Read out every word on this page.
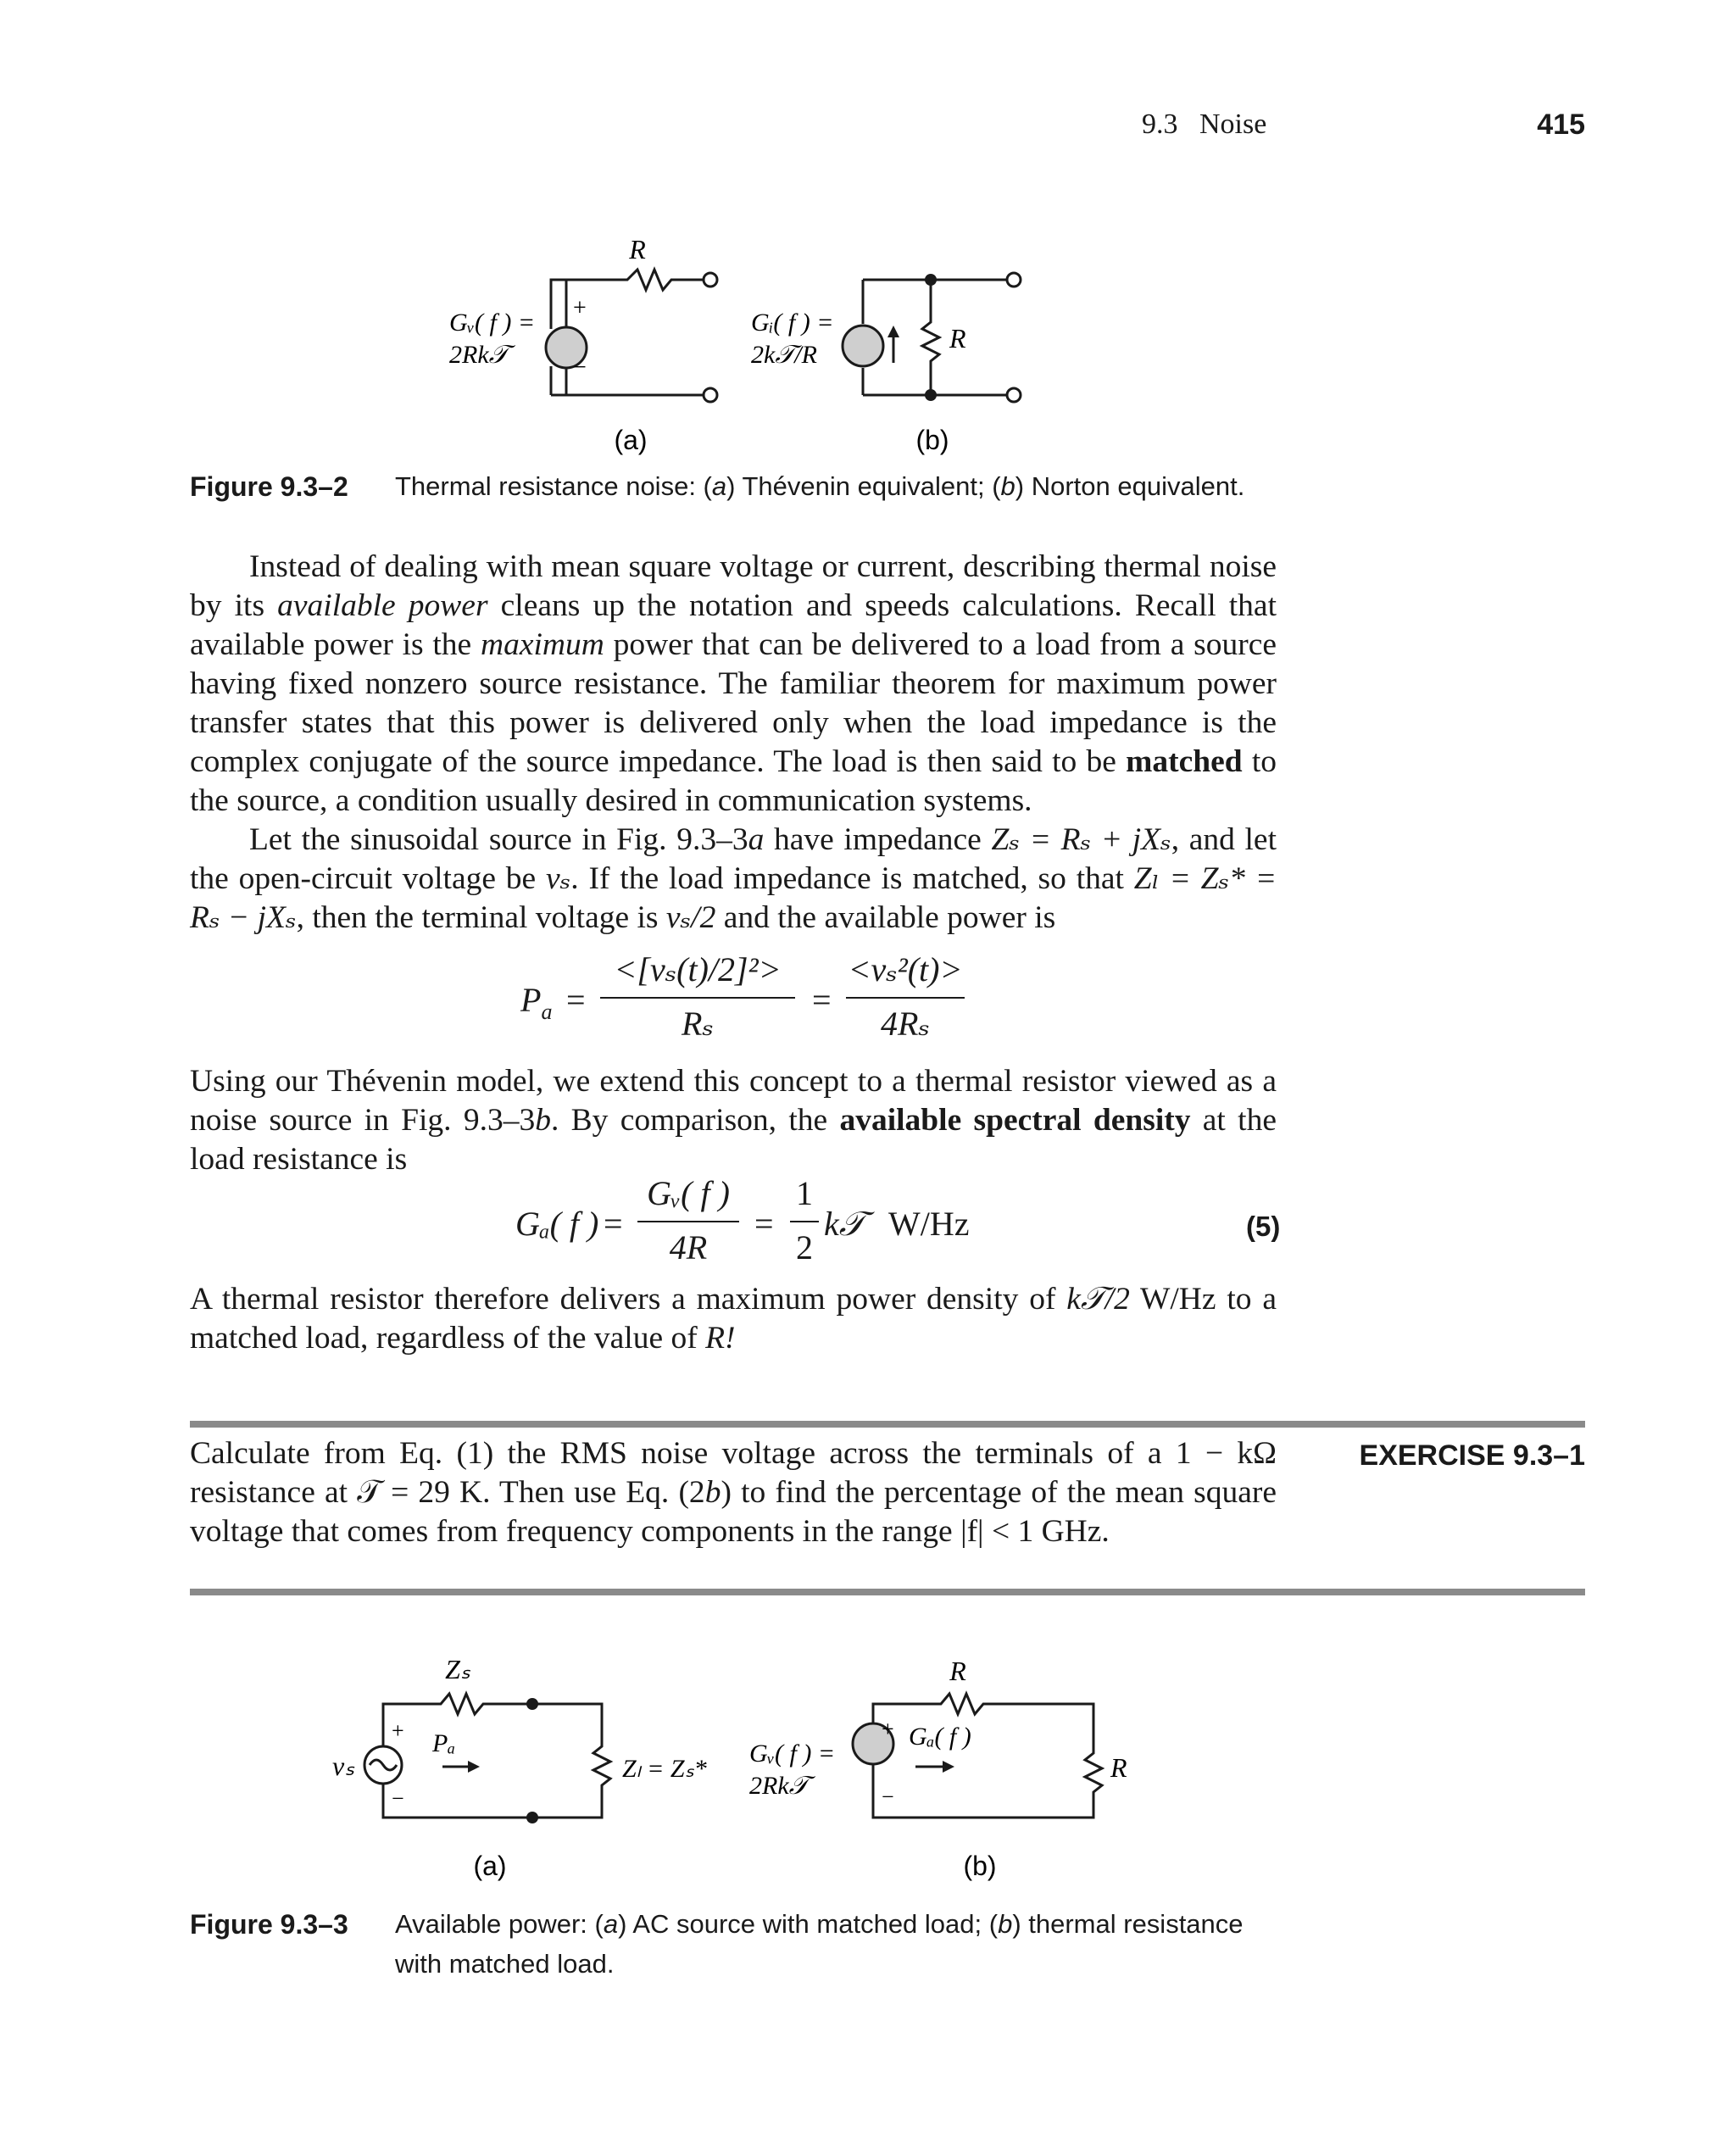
9.3 Noise	415
R
Gᵥ( f ) =
2Rk𝒯
+
−
Gᵢ( f ) =
2k𝒯/R
R
(a)	(b)
Figure 9.3–2 Thermal resistance noise: (a) Thévenin equivalent; (b) Norton equivalent.

Instead of dealing with mean square voltage or current, describing thermal noise by its available power cleans up the notation and speeds calculations. Recall that available power is the maximum power that can be delivered to a load from a source having fixed nonzero source resistance. The familiar theorem for maximum power transfer states that this power is delivered only when the load impedance is the complex conjugate of the source impedance. The load is then said to be matched to the source, a condition usually desired in communication systems.

Let the sinusoidal source in Fig. 9.3–3a have impedance Zₛ = Rₛ + jXₛ, and let the open-circuit voltage be vₛ. If the load impedance is matched, so that Zₗ = Zₛ* = Rₛ − jXₛ, then the terminal voltage is vₛ/2 and the available power is

$P_a$ =
<[vₛ(t)/2]²>
Rₛ
=
<vₛ²(t)>
4Rₛ

Using our Thévenin model, we extend this concept to a thermal resistor viewed as a noise source in Fig. 9.3–3b. By comparison, the available spectral density at the load resistance is

Gₐ( f ) =
Gᵥ( f )
4R
=
1
2
k𝒯 W/Hz	(5)

A thermal resistor therefore delivers a maximum power density of k𝒯/2 W/Hz to a matched load, regardless of the value of R!

EXERCISE 9.3–1

Calculate from Eq. (1) the RMS noise voltage across the terminals of a 1 − kΩ resistance at 𝒯 = 29 K. Then use Eq. (2b) to find the percentage of the mean square voltage that comes from frequency components in the range |f| < 1 GHz.

Zₛ
vₛ
+
−
Pₐ
Zₗ = Zₛ*
R
R
Gᵥ( f ) =
2Rk𝒯
+
−
Gₐ( f )
(a)	(b)
Figure 9.3–3 Available power: (a) AC source with matched load; (b) thermal resistance with matched load.
